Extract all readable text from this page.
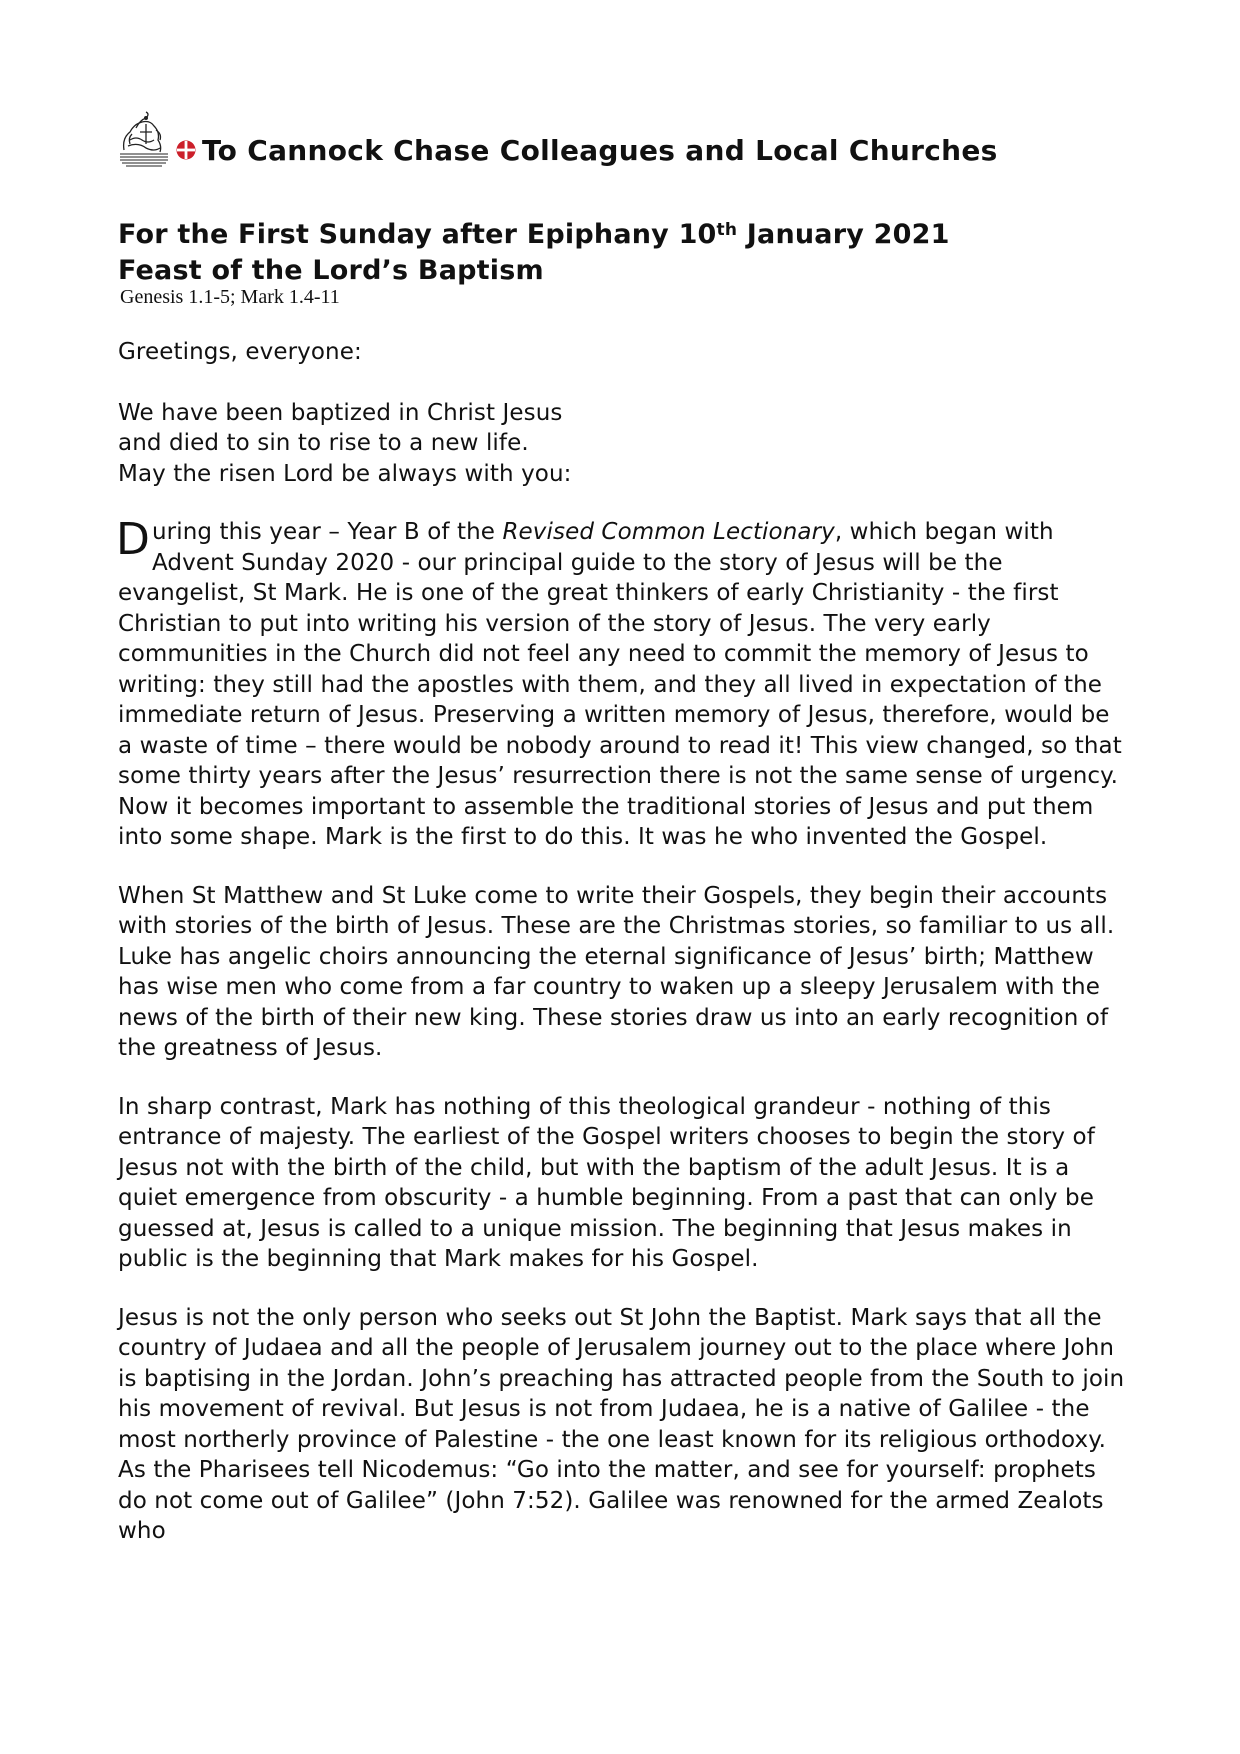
To Cannock Chase Colleagues and Local Churches
For the First Sunday after Epiphany 10th January 2021
Feast of the Lord’s Baptism
Genesis 1.1-5; Mark 1.4-11

Greetings, everyone:

We have been baptized in Christ Jesus
and died to sin to rise to a new life.
May the risen Lord be always with you:

During this year – Year B of the Revised Common Lectionary, which began with Advent Sunday 2020 - our principal guide to the story of Jesus will be the evangelist, St Mark. He is one of the great thinkers of early Christianity - the first Christian to put into writing his version of the story of Jesus. The very early communities in the Church did not feel any need to commit the memory of Jesus to writing: they still had the apostles with them, and they all lived in expectation of the immediate return of Jesus. Preserving a written memory of Jesus, therefore, would be a waste of time – there would be nobody around to read it! This view changed, so that some thirty years after the Jesus’ resurrection there is not the same sense of urgency. Now it becomes important to assemble the traditional stories of Jesus and put them into some shape. Mark is the first to do this. It was he who invented the Gospel.

When St Matthew and St Luke come to write their Gospels, they begin their accounts with stories of the birth of Jesus. These are the Christmas stories, so familiar to us all. Luke has angelic choirs announcing the eternal significance of Jesus’ birth; Matthew has wise men who come from a far country to waken up a sleepy Jerusalem with the news of the birth of their new king. These stories draw us into an early recognition of the greatness of Jesus.

In sharp contrast, Mark has nothing of this theological grandeur - nothing of this entrance of majesty. The earliest of the Gospel writers chooses to begin the story of Jesus not with the birth of the child, but with the baptism of the adult Jesus. It is a quiet emergence from obscurity - a humble beginning. From a past that can only be guessed at, Jesus is called to a unique mission. The beginning that Jesus makes in public is the beginning that Mark makes for his Gospel.

Jesus is not the only person who seeks out St John the Baptist. Mark says that all the country of Judaea and all the people of Jerusalem journey out to the place where John is baptising in the Jordan. John’s preaching has attracted people from the South to join his movement of revival. But Jesus is not from Judaea, he is a native of Galilee - the most northerly province of Palestine - the one least known for its religious orthodoxy. As the Pharisees tell Nicodemus: “Go into the matter, and see for yourself: prophets do not come out of Galilee” (John 7:52). Galilee was renowned for the armed Zealots who
